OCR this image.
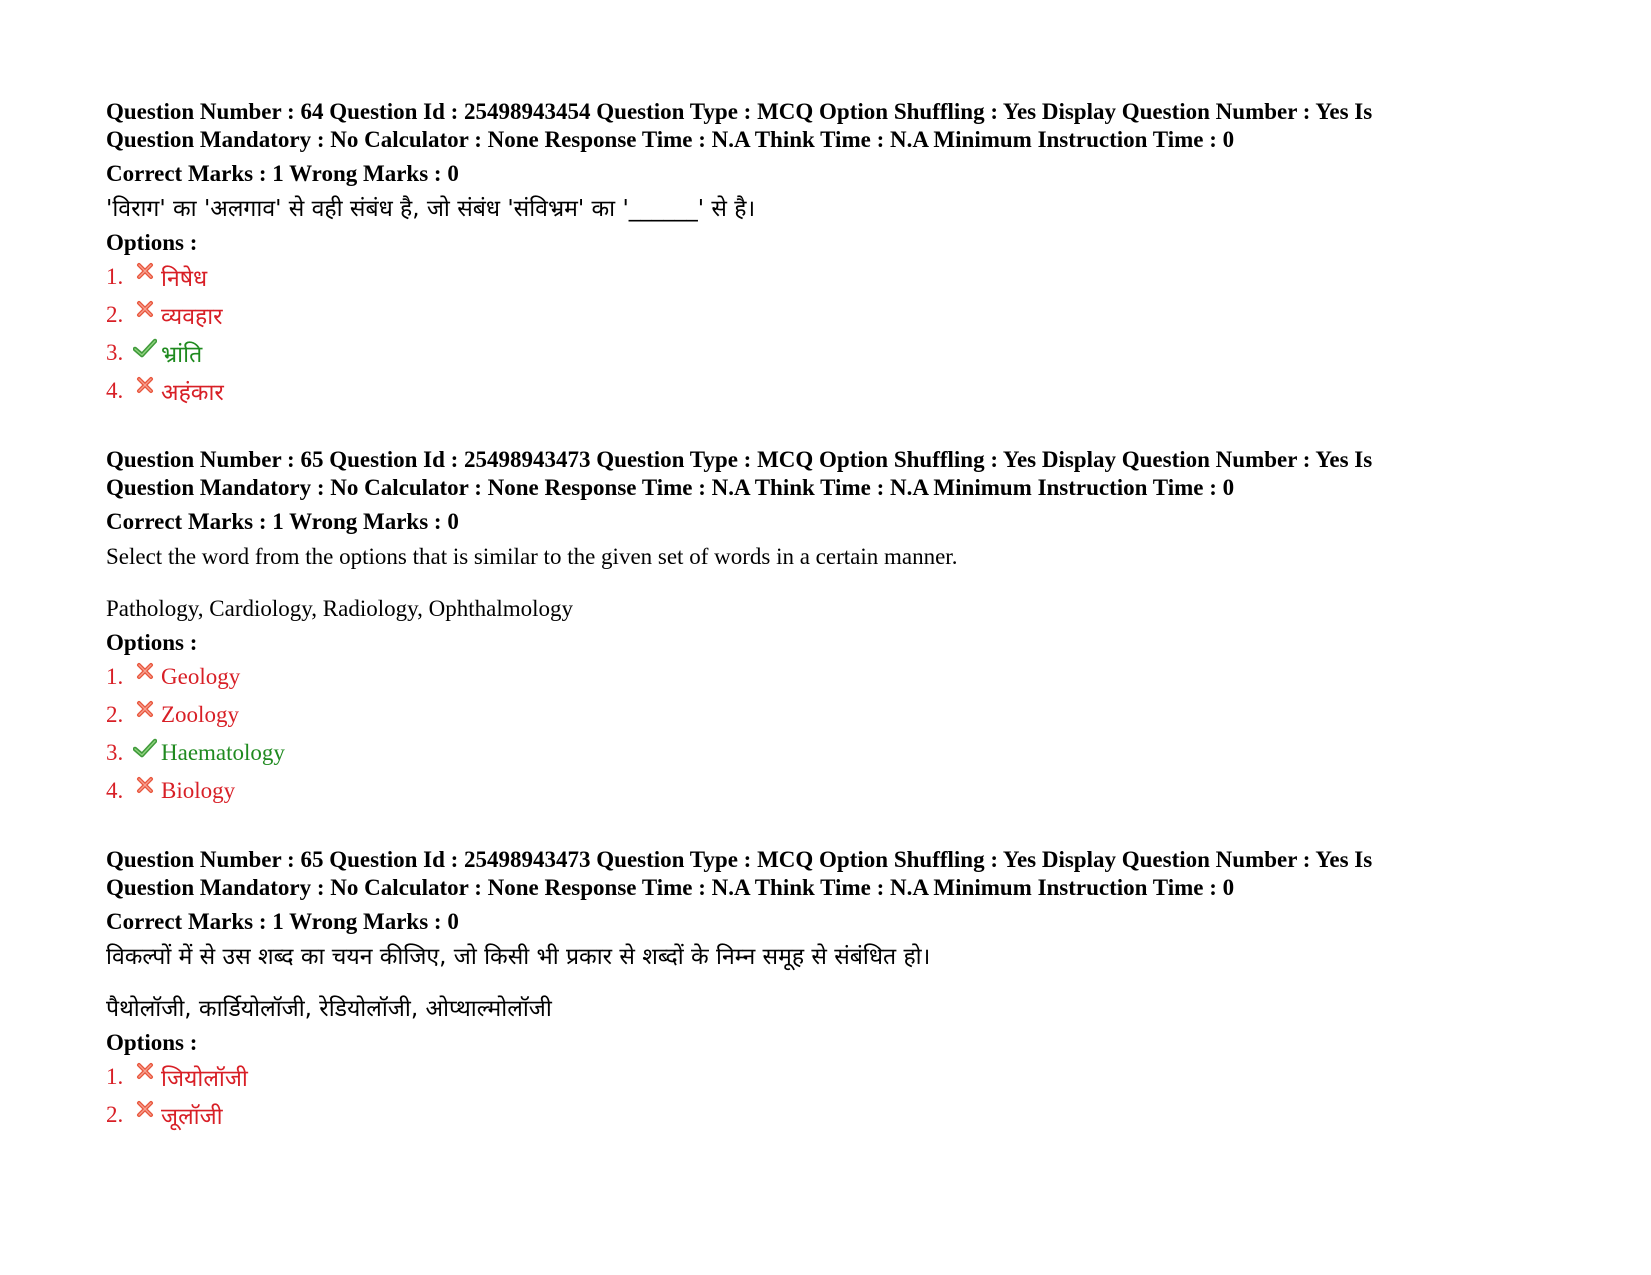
Question Number : 64 Question Id : 25498943454 Question Type : MCQ Option Shuffling : Yes Display Question Number : Yes Is
Question Mandatory : No Calculator : None Response Time : N.A Think Time : N.A Minimum Instruction Time : 0
Correct Marks : 1 Wrong Marks : 0
'विराग' का 'अलगाव' से वही संबंध है, जो संबंध 'संविभ्रम' का '______' से है।
Options :
1.	निषेध
2.	व्यवहार
3.	भ्रांति
4.	अहंकार
Question Number : 65 Question Id : 25498943473 Question Type : MCQ Option Shuffling : Yes Display Question Number : Yes Is
Question Mandatory : No Calculator : None Response Time : N.A Think Time : N.A Minimum Instruction Time : 0
Correct Marks : 1 Wrong Marks : 0
Select the word from the options that is similar to the given set of words in a certain manner.
Pathology, Cardiology, Radiology, Ophthalmology
Options :
1.	Geology
2.	Zoology
3.	Haematology
4.	Biology
Question Number : 65 Question Id : 25498943473 Question Type : MCQ Option Shuffling : Yes Display Question Number : Yes Is
Question Mandatory : No Calculator : None Response Time : N.A Think Time : N.A Minimum Instruction Time : 0
Correct Marks : 1 Wrong Marks : 0
विकल्पों में से उस शब्द का चयन कीजिए, जो किसी भी प्रकार से शब्दों के निम्न समूह से संबंधित हो।
पैथोलॉजी, कार्डियोलॉजी, रेडियोलॉजी, ओप्थाल्मोलॉजी
Options :
1.	जियोलॉजी
2.	जूलॉजी
